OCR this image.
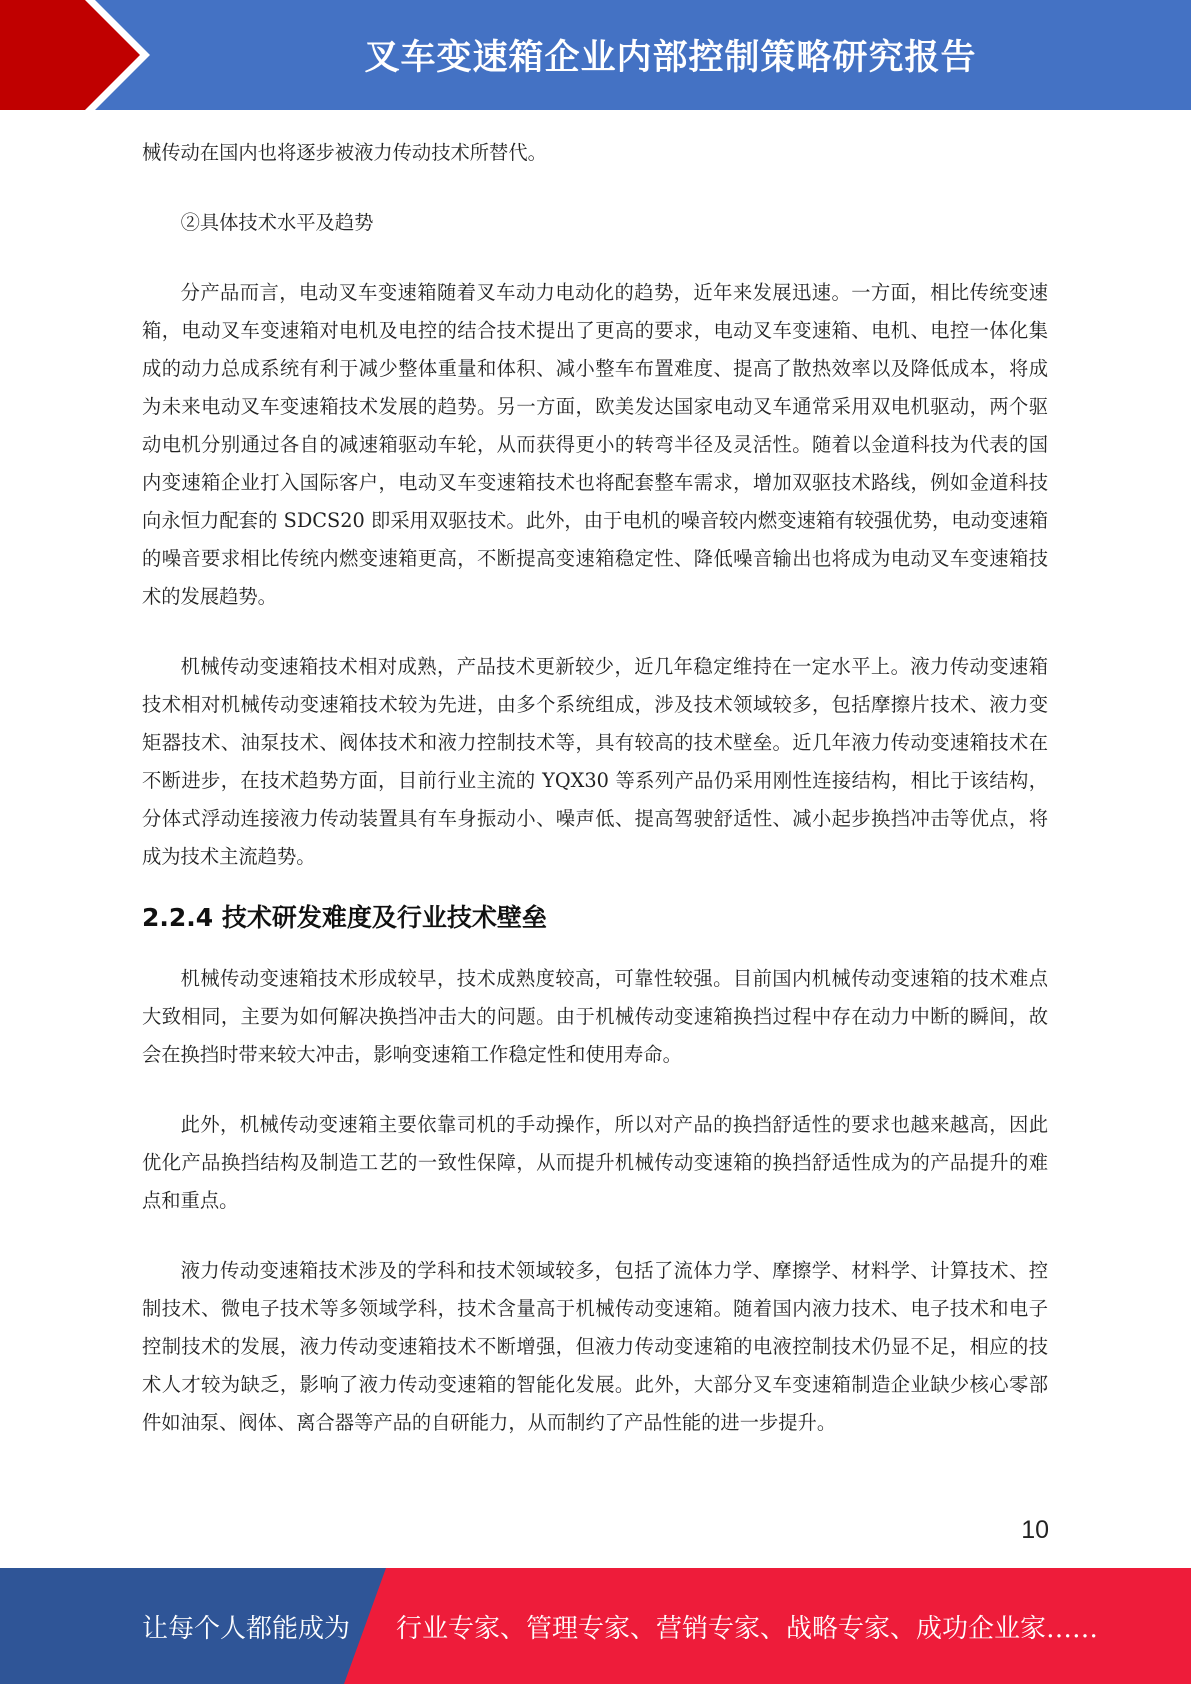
叉车变速箱企业内部控制策略研究报告

械传动在国内也将逐步被液力传动技术所替代。

②具体技术水平及趋势

分产品而言，电动叉车变速箱随着叉车动力电动化的趋势，近年来发展迅速。一方面，相比传统变速箱，电动叉车变速箱对电机及电控的结合技术提出了更高的要求，电动叉车变速箱、电机、电控一体化集成的动力总成系统有利于减少整体重量和体积、减小整车布置难度、提高了散热效率以及降低成本，将成为未来电动叉车变速箱技术发展的趋势。另一方面，欧美发达国家电动叉车通常采用双电机驱动，两个驱动电机分别通过各自的减速箱驱动车轮，从而获得更小的转弯半径及灵活性。随着以金道科技为代表的国内变速箱企业打入国际客户，电动叉车变速箱技术也将配套整车需求，增加双驱技术路线，例如金道科技向永恒力配套的 SDCS20 即采用双驱技术。此外，由于电机的噪音较内燃变速箱有较强优势，电动变速箱的噪音要求相比传统内燃变速箱更高，不断提高变速箱稳定性、降低噪音输出也将成为电动叉车变速箱技术的发展趋势。

机械传动变速箱技术相对成熟，产品技术更新较少，近几年稳定维持在一定水平上。液力传动变速箱技术相对机械传动变速箱技术较为先进，由多个系统组成，涉及技术领域较多，包括摩擦片技术、液力变矩器技术、油泵技术、阀体技术和液力控制技术等，具有较高的技术壁垒。近几年液力传动变速箱技术在不断进步，在技术趋势方面，目前行业主流的 YQX30 等系列产品仍采用刚性连接结构，相比于该结构，分体式浮动连接液力传动装置具有车身振动小、噪声低、提高驾驶舒适性、减小起步换挡冲击等优点，将成为技术主流趋势。

2.2.4 技术研发难度及行业技术壁垒

机械传动变速箱技术形成较早，技术成熟度较高，可靠性较强。目前国内机械传动变速箱的技术难点大致相同，主要为如何解决换挡冲击大的问题。由于机械传动变速箱换挡过程中存在动力中断的瞬间，故会在换挡时带来较大冲击，影响变速箱工作稳定性和使用寿命。

此外，机械传动变速箱主要依靠司机的手动操作，所以对产品的换挡舒适性的要求也越来越高，因此优化产品换挡结构及制造工艺的一致性保障，从而提升机械传动变速箱的换挡舒适性成为的产品提升的难点和重点。

液力传动变速箱技术涉及的学科和技术领域较多，包括了流体力学、摩擦学、材料学、计算技术、控制技术、微电子技术等多领域学科，技术含量高于机械传动变速箱。随着国内液力技术、电子技术和电子控制技术的发展，液力传动变速箱技术不断增强，但液力传动变速箱的电液控制技术仍显不足，相应的技术人才较为缺乏，影响了液力传动变速箱的智能化发展。此外，大部分叉车变速箱制造企业缺少核心零部件如油泵、阀体、离合器等产品的自研能力，从而制约了产品性能的进一步提升。

10
让每个人都能成为 行业专家、管理专家、营销专家、战略专家、成功企业家……
